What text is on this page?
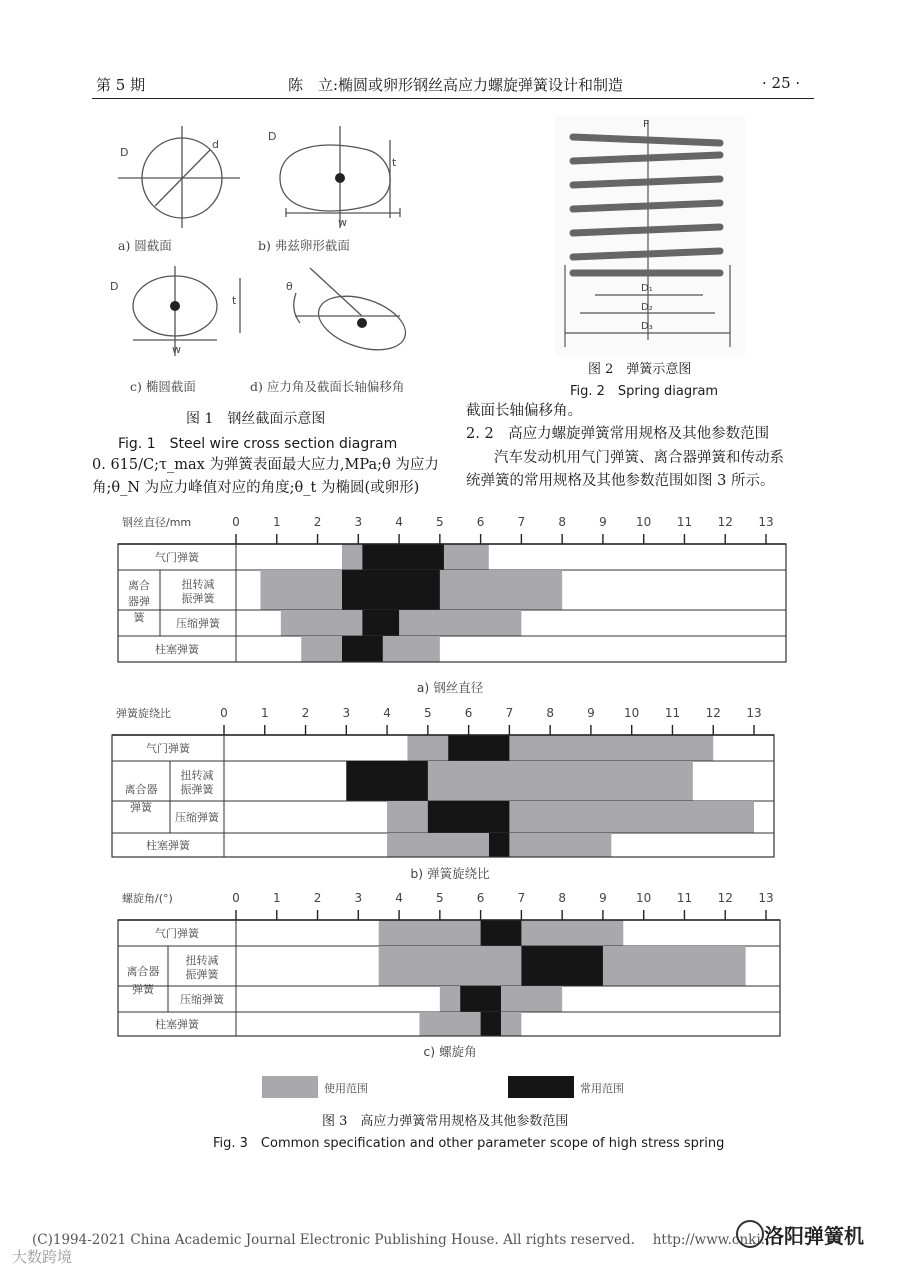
第 5 期	陈　立:椭圆或卵形钢丝高应力螺旋弹簧设计和制造	· 25 ·
D
d
D
t
w
D
t
w
θ
a) 圆截面	b) 弗兹卵形截面
c) 椭圆截面	d) 应力角及截面长轴偏移角
图 1　钢丝截面示意图
Fig. 1　Steel wire cross section diagram
P
D₁
D₂
D₃
图 2　弹簧示意图
Fig. 2　Spring diagram
0. 615/C;τ_max 为弹簧表面最大应力,MPa;θ 为应力
角;θ_N 为应力峰值对应的角度;θ_t 为椭圆(或卵形)
截面长轴偏移角。
2. 2　高应力螺旋弹簧常用规格及其他参数范围
汽车发动机用气门弹簧、离合器弹簧和传动系
统弹簧的常用规格及其他参数范围如图 3 所示。
钢丝直径/mm	0	1	2	3	4	5	6	7	8	9 10 11 12 13
气门弹簧
扭转减
振弹簧
压缩弹簧
柱塞弹簧
离合
器弹
簧
a) 钢丝直径
弹簧旋绕比	0	1	2	3	4	5	6	7	8	9 10 11 12 13
气门弹簧
扭转减
振弹簧
压缩弹簧
柱塞弹簧
离合器
弹簧
b) 弹簧旋绕比
螺旋角/(°)	0	1	2	3	4	5	6	7	8	9 10 11 12 13
气门弹簧
扭转减
振弹簧
压缩弹簧
柱塞弹簧
离合器
弹簧
c) 螺旋角
使用范围	常用范围
图 3　高应力弹簧常用规格及其他参数范围
Fig. 3　Common specification and other parameter scope of high stress spring
(C)1994-2021 China Academic Journal Electronic Publishing House. All rights reserved.　 http://www.cnki. 洛阳弹簧机
大数跨境
